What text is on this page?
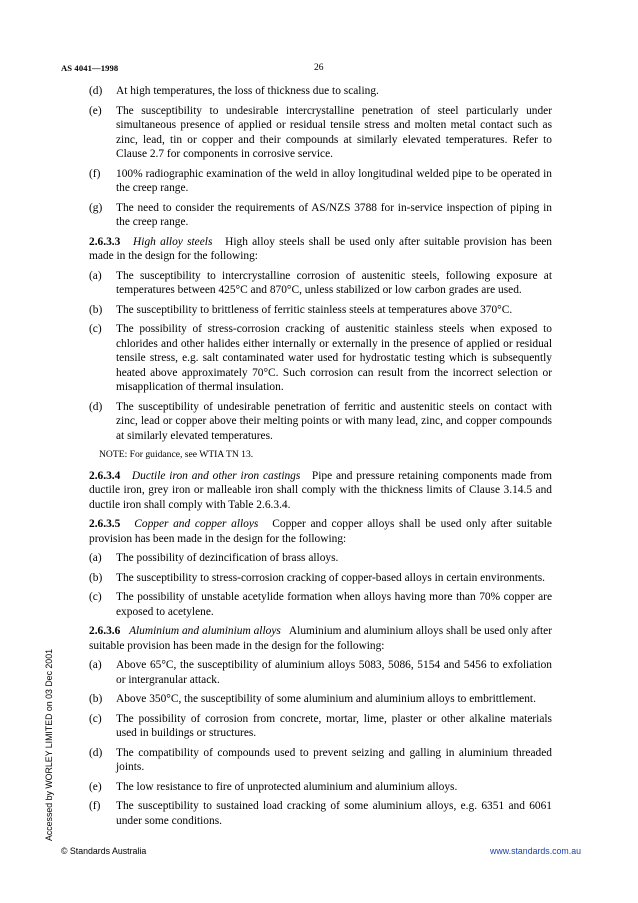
AS 4041—1998	26
(d)	At high temperatures, the loss of thickness due to scaling.
(e)	The susceptibility to undesirable intercrystalline penetration of steel particularly under simultaneous presence of applied or residual tensile stress and molten metal contact such as zinc, lead, tin or copper and their compounds at similarly elevated temperatures. Refer to Clause 2.7 for components in corrosive service.
(f)	100% radiographic examination of the weld in alloy longitudinal welded pipe to be operated in the creep range.
(g)	The need to consider the requirements of AS/NZS 3788 for in-service inspection of piping in the creep range.
2.6.3.3 High alloy steels High alloy steels shall be used only after suitable provision has been made in the design for the following:
(a)	The susceptibility to intercrystalline corrosion of austenitic steels, following exposure at temperatures between 425°C and 870°C, unless stabilized or low carbon grades are used.
(b)	The susceptibility to brittleness of ferritic stainless steels at temperatures above 370°C.
(c)	The possibility of stress-corrosion cracking of austenitic stainless steels when exposed to chlorides and other halides either internally or externally in the presence of applied or residual tensile stress, e.g. salt contaminated water used for hydrostatic testing which is subsequently heated above approximately 70°C. Such corrosion can result from the incorrect selection or misapplication of thermal insulation.
(d)	The susceptibility of undesirable penetration of ferritic and austenitic steels on contact with zinc, lead or copper above their melting points or with many lead, zinc, and copper compounds at similarly elevated temperatures.
NOTE: For guidance, see WTIA TN 13.
2.6.3.4 Ductile iron and other iron castings Pipe and pressure retaining components made from ductile iron, grey iron or malleable iron shall comply with the thickness limits of Clause 3.14.5 and ductile iron shall comply with Table 2.6.3.4.
2.6.3.5 Copper and copper alloys Copper and copper alloys shall be used only after suitable provision has been made in the design for the following:
(a)	The possibility of dezincification of brass alloys.
(b)	The susceptibility to stress-corrosion cracking of copper-based alloys in certain environments.
(c)	The possibility of unstable acetylide formation when alloys having more than 70% copper are exposed to acetylene.
2.6.3.6 Aluminium and aluminium alloys Aluminium and aluminium alloys shall be used only after suitable provision has been made in the design for the following:
(a)	Above 65°C, the susceptibility of aluminium alloys 5083, 5086, 5154 and 5456 to exfoliation or intergranular attack.
(b)	Above 350°C, the susceptibility of some aluminium and aluminium alloys to embrittlement.
(c)	The possibility of corrosion from concrete, mortar, lime, plaster or other alkaline materials used in buildings or structures.
(d)	The compatibility of compounds used to prevent seizing and galling in aluminium threaded joints.
(e)	The low resistance to fire of unprotected aluminium and aluminium alloys.
(f)	The susceptibility to sustained load cracking of some aluminium alloys, e.g. 6351 and 6061 under some conditions.
Accessed by WORLEY LIMITED on 03 Dec 2001
© Standards Australia	www.standards.com.au
